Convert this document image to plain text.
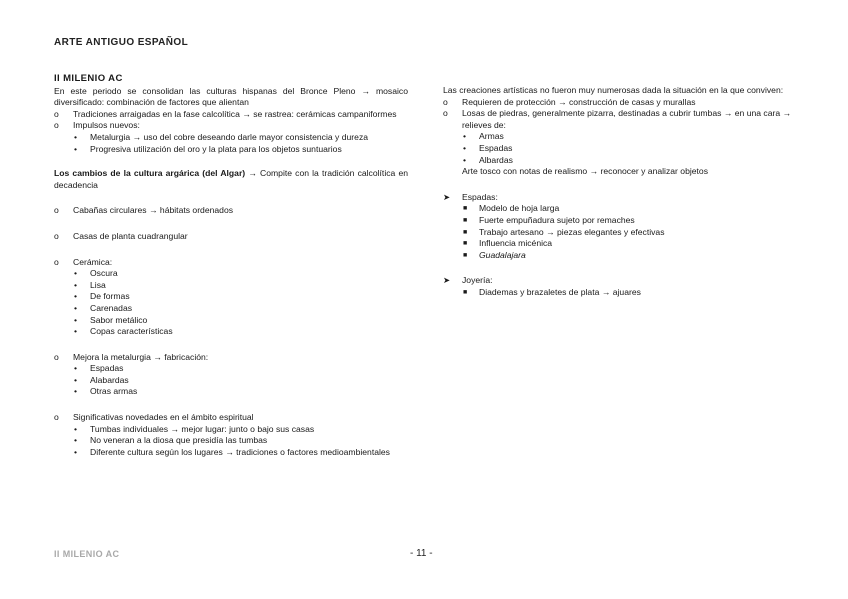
ARTE ANTIGUO ESPAÑOL
II MILENIO AC

En este periodo se consolidan las culturas hispanas del Bronce Pleno → mosaico diversificado: combinación de factores que alientan

o Tradiciones arraigadas en la fase calcolítica → se rastrea: cerámicas campaniformes
o Impulsos nuevos:
• Metalurgia → uso del cobre deseando darle mayor consistencia y dureza
• Progresiva utilización del oro y la plata para los objetos suntuarios

Los cambios de la cultura argárica (del Algar) → Compite con la tradición calcolítica en decadencia

o Cabañas circulares → hábitats ordenados
o Casas de planta cuadrangular
o Cerámica:
• Oscura
• Lisa
• De formas
• Carenadas
• Sabor metálico
• Copas características
o Mejora la metalurgia → fabricación:
• Espadas
• Alabardas
• Otras armas
o Significativas novedades en el ámbito espiritual
• Tumbas individuales → mejor lugar: junto o bajo sus casas
• No veneran a la diosa que presidía las tumbas
• Diferente cultura según los lugares → tradiciones o factores medioambientales

Las creaciones artísticas no fueron muy numerosas dada la situación en la que conviven:

o Requieren de protección → construcción de casas y murallas
o Losas de piedras, generalmente pizarra, destinadas a cubrir tumbas → en una cara → relieves de:
• Armas
• Espadas
• Albardas
Arte tosco con notas de realismo → reconocer y analizar objetos
➤ Espadas:
■ Modelo de hoja larga
■ Fuerte empuñadura sujeto por remaches
■ Trabajo artesano → piezas elegantes y efectivas
■ Influencia micénica
■ Guadalajara
➤ Joyería:
■ Diademas y brazaletes de plata → ajuares
II MILENIO AC	- 11 -
